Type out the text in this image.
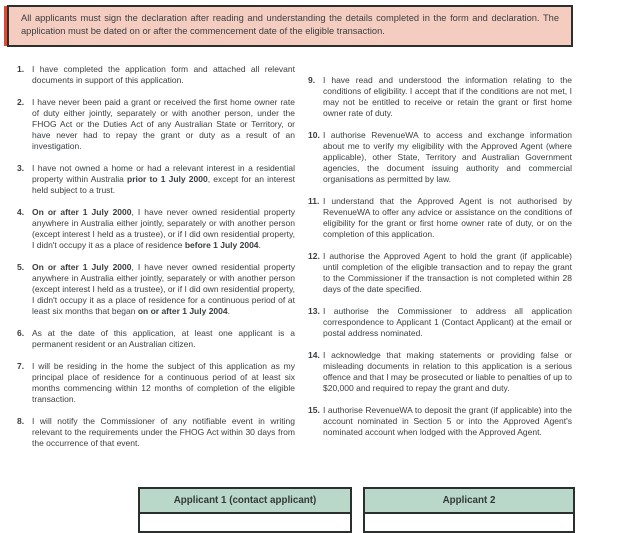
All applicants must sign the declaration after reading and understanding the details completed in the form and declaration. The application must be dated on or after the commencement date of the eligible transaction.
1. I have completed the application form and attached all relevant documents in support of this application.
2. I have never been paid a grant or received the first home owner rate of duty either jointly, separately or with another person, under the FHOG Act or the Duties Act of any Australian State or Territory, or have never had to repay the grant or duty as a result of an investigation.
3. I have not owned a home or had a relevant interest in a residential property within Australia prior to 1 July 2000, except for an interest held subject to a trust.
4. On or after 1 July 2000, I have never owned residential property anywhere in Australia either jointly, separately or with another person (except interest I held as a trustee), or if I did own residential property, I didn't occupy it as a place of residence before 1 July 2004.
5. On or after 1 July 2000, I have never owned residential property anywhere in Australia either jointly, separately or with another person (except interest I held as a trustee), or if I did own residential property, I didn't occupy it as a place of residence for a continuous period of at least six months that began on or after 1 July 2004.
6. As at the date of this application, at least one applicant is a permanent resident or an Australian citizen.
7. I will be residing in the home the subject of this application as my principal place of residence for a continuous period of at least six months commencing within 12 months of completion of the eligible transaction.
8. I will notify the Commissioner of any notifiable event in writing relevant to the requirements under the FHOG Act within 30 days from the occurrence of that event.
9. I have read and understood the information relating to the conditions of eligibility. I accept that if the conditions are not met, I may not be entitled to receive or retain the grant or first home owner rate of duty.
10. I authorise RevenueWA to access and exchange information about me to verify my eligibility with the Approved Agent (where applicable), other State, Territory and Australian Government agencies, the document issuing authority and commercial organisations as permitted by law.
11. I understand that the Approved Agent is not authorised by RevenueWA to offer any advice or assistance on the conditions of eligibility for the grant or first home owner rate of duty, or on the completion of this application.
12. I authorise the Approved Agent to hold the grant (if applicable) until completion of the eligible transaction and to repay the grant to the Commissioner if the transaction is not completed within 28 days of the date specified.
13. I authorise the Commissioner to address all application correspondence to Applicant 1 (Contact Applicant) at the email or postal address nominated.
14. I acknowledge that making statements or providing false or misleading documents in relation to this application is a serious offence and that I may be prosecuted or liable to penalties of up to $20,000 and required to repay the grant and duty.
15. I authorise RevenueWA to deposit the grant (if applicable) into the account nominated in Section 5 or into the Approved Agent's nominated account when lodged with the Approved Agent.
Applicant 1 (contact applicant)	Applicant 2
